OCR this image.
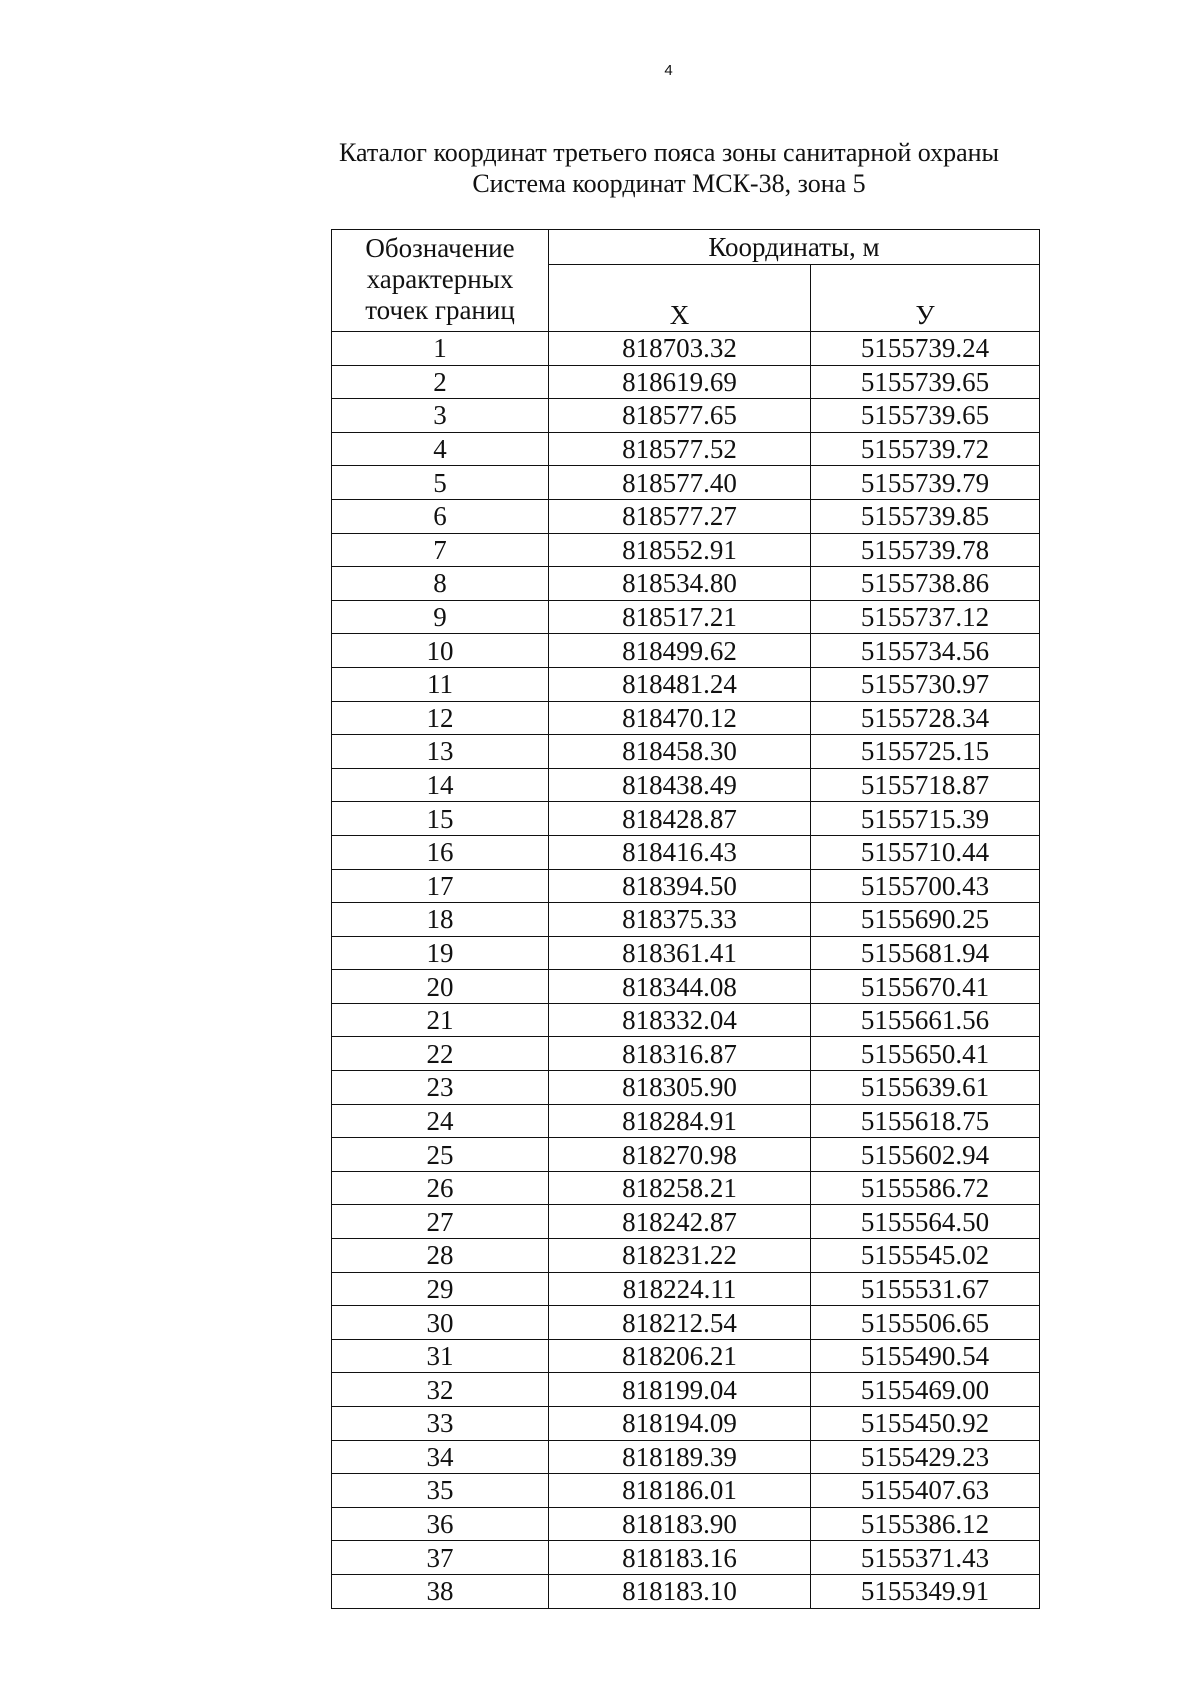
4
Каталог координат третьего пояса зоны санитарной охраны
Система координат МСК-38, зона 5
Обозначение
характерных
точек границ	Координаты, м	
	Х	У
1	818703.32	5155739.24
2	818619.69	5155739.65
3	818577.65	5155739.65
4	818577.52	5155739.72
5	818577.40	5155739.79
6	818577.27	5155739.85
7	818552.91	5155739.78
8	818534.80	5155738.86
9	818517.21	5155737.12
10	818499.62	5155734.56
11	818481.24	5155730.97
12	818470.12	5155728.34
13	818458.30	5155725.15
14	818438.49	5155718.87
15	818428.87	5155715.39
16	818416.43	5155710.44
17	818394.50	5155700.43
18	818375.33	5155690.25
19	818361.41	5155681.94
20	818344.08	5155670.41
21	818332.04	5155661.56
22	818316.87	5155650.41
23	818305.90	5155639.61
24	818284.91	5155618.75
25	818270.98	5155602.94
26	818258.21	5155586.72
27	818242.87	5155564.50
28	818231.22	5155545.02
29	818224.11	5155531.67
30	818212.54	5155506.65
31	818206.21	5155490.54
32	818199.04	5155469.00
33	818194.09	5155450.92
34	818189.39	5155429.23
35	818186.01	5155407.63
36	818183.90	5155386.12
37	818183.16	5155371.43
38	818183.10	5155349.91
